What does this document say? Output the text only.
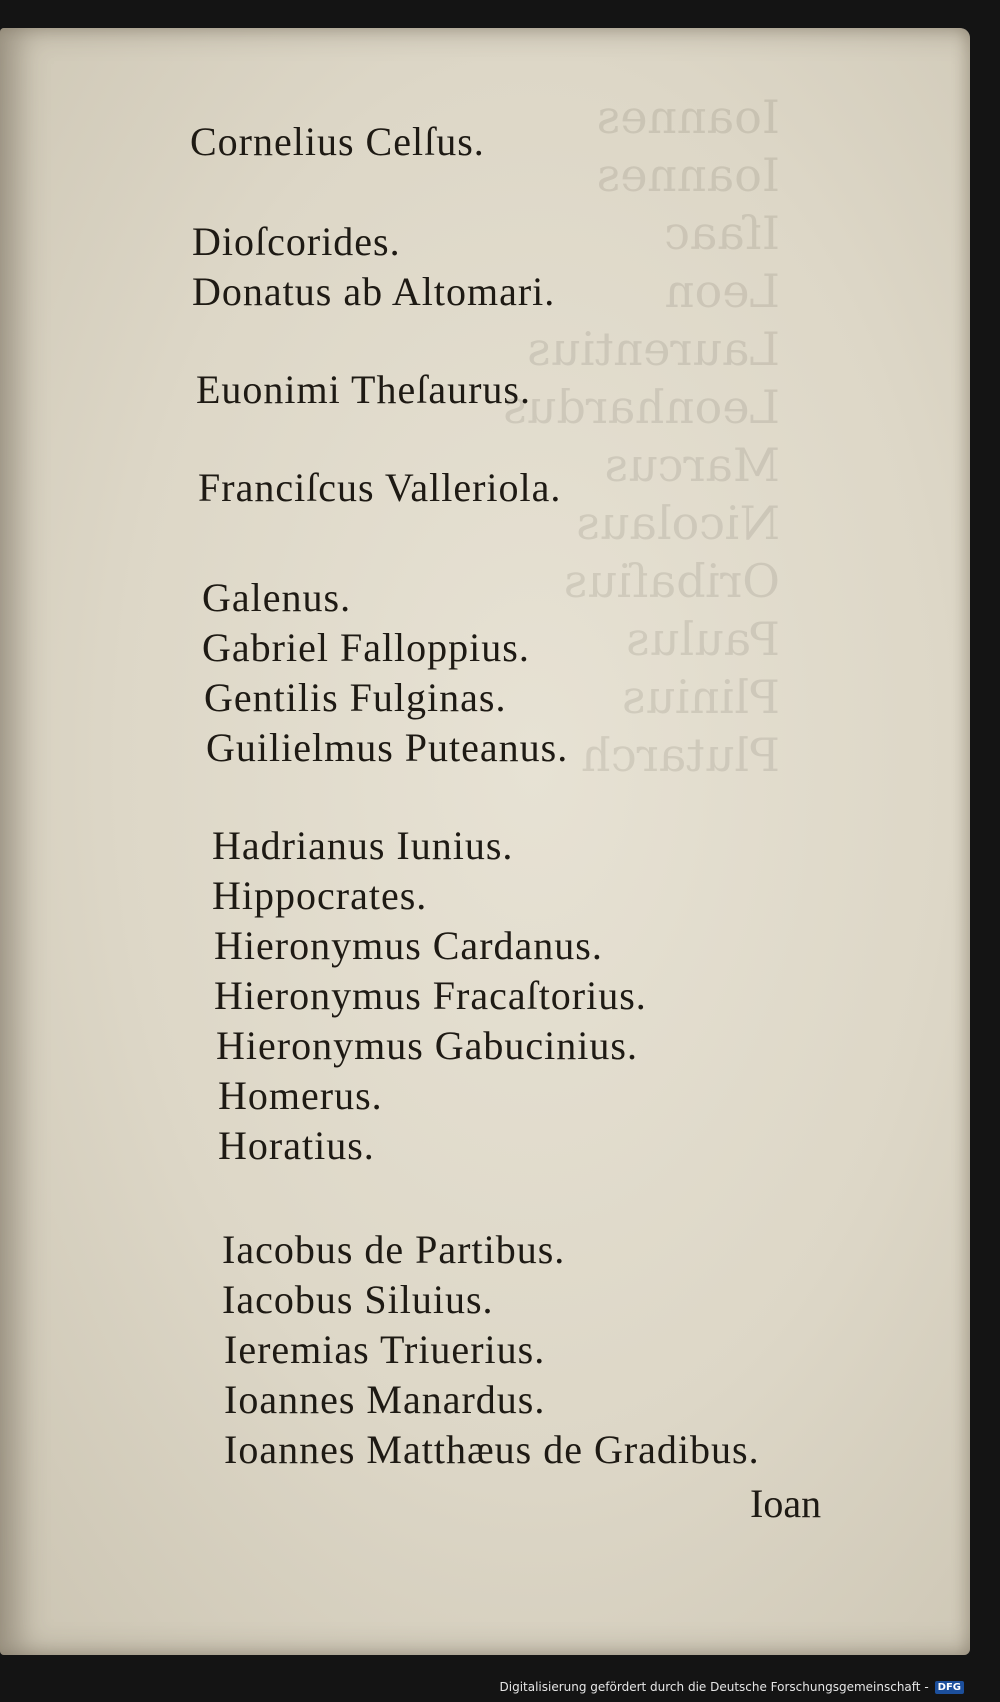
Ioannes
Ioannes
Iſaac
Leon
Laurentius
Leonhardus
Marcus
Nicolaus
Oribaſius
Paulus
Plinius
Plutarch
Cornelius Celſus.
Dioſcorides.
Donatus ab Altomari.
Euonimi Theſaurus.
Franciſcus Valleriola.
Galenus.
Gabriel Falloppius.
Gentilis Fulginas.
Guilielmus Puteanus.
Hadrianus Iunius.
Hippocrates.
Hieronymus Cardanus.
Hieronymus Fracaſtorius.
Hieronymus Gabucinius.
Homerus.
Horatius.
Iacobus de Partibus.
Iacobus Siluius.
Ieremias Triuerius.
Ioannes Manardus.
Ioannes Matthæus de Gradibus.
Ioan
Digitalisierung gefördert durch die Deutsche Forschungsgemeinschaft - DFG
